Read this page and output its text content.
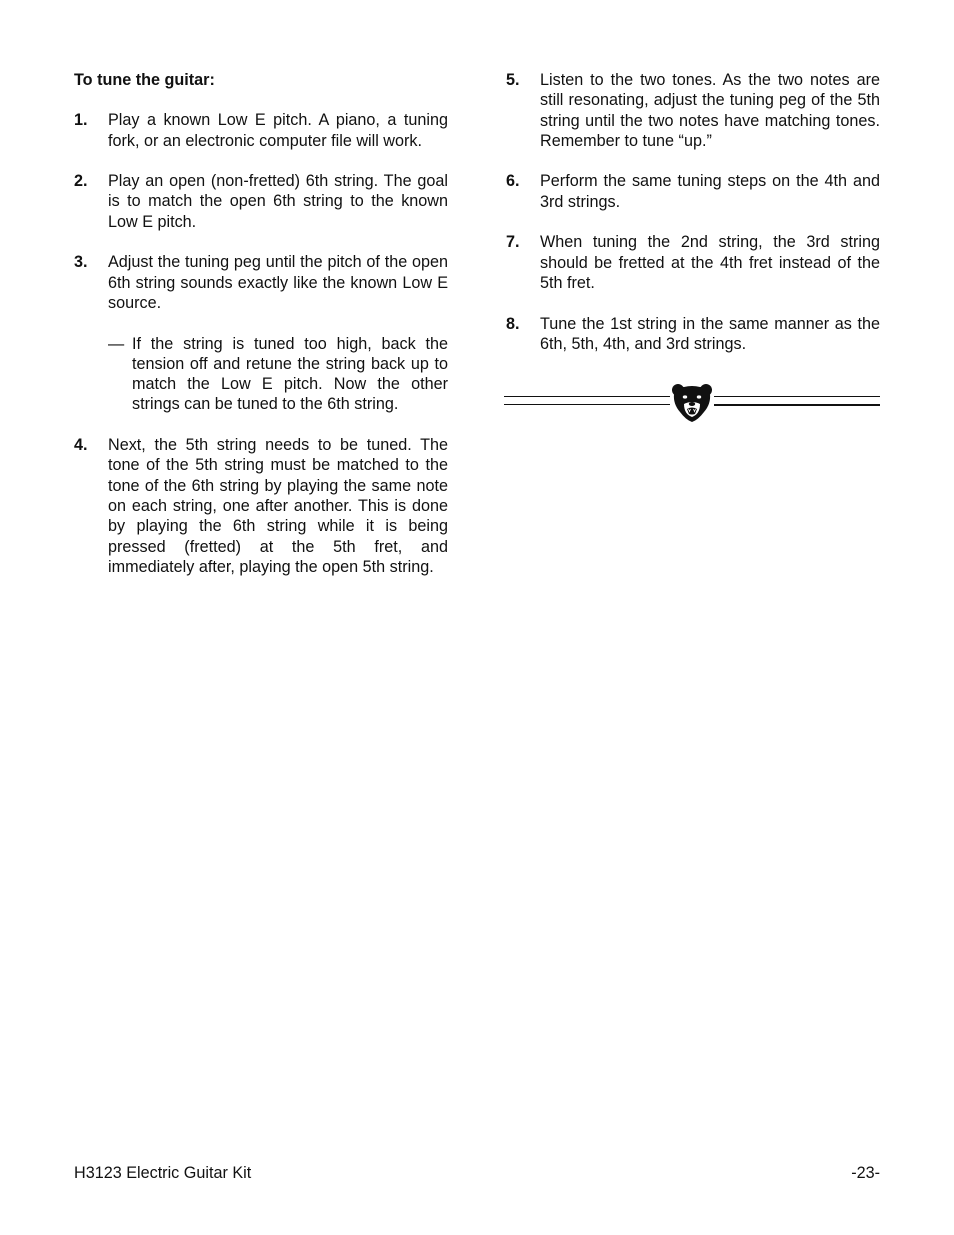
To tune the guitar:
1.	Play a known Low E pitch. A piano, a tuning fork, or an electronic computer file will work.
2.	Play an open (non-fretted) 6th string. The goal is to match the open 6th string to the known Low E pitch.
3.	Adjust the tuning peg until the pitch of the open 6th string sounds exactly like the known Low E source.
— If the string is tuned too high, back the tension off and retune the string back up to match the Low E pitch. Now the other strings can be tuned to the 6th string.
4.	Next, the 5th string needs to be tuned. The tone of the 5th string must be matched to the tone of the 6th string by playing the same note on each string, one after another. This is done by playing the 6th string while it is being pressed (fretted) at the 5th fret, and immediately after, playing the open 5th string.
5.	Listen to the two tones. As the two notes are still resonating, adjust the tuning peg of the 5th string until the two notes have matching tones. Remember to tune “up.”
6.	Perform the same tuning steps on the 4th and 3rd strings.
7.	When tuning the 2nd string, the 3rd string should be fretted at the 4th fret instead of the 5th fret.
8.	Tune the 1st string in the same manner as the 6th, 5th, 4th, and 3rd strings.
H3123 Electric Guitar Kit	-23-
